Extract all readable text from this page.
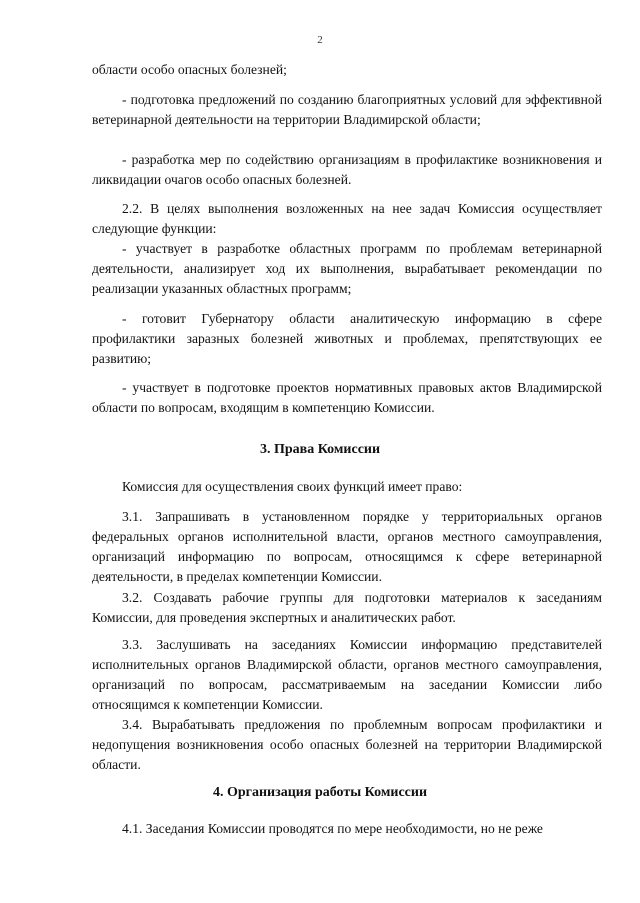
2

области особо опасных болезней;

- подготовка предложений по созданию благоприятных условий для эффективной ветеринарной деятельности на территории Владимирской области;

- разработка мер по содействию организациям в профилактике возникновения и ликвидации очагов особо опасных болезней.

2.2. В целях выполнения возложенных на нее задач Комиссия осуществляет следующие функции:

- участвует в разработке областных программ по проблемам ветеринарной деятельности, анализирует ход их выполнения, вырабатывает рекомендации по реализации указанных областных программ;

- готовит Губернатору области аналитическую информацию в сфере профилактики заразных болезней животных и проблемах, препятствующих ее развитию;

- участвует в подготовке проектов нормативных правовых актов Владимирской области по вопросам, входящим в компетенцию Комиссии.

3. Права Комиссии

Комиссия для осуществления своих функций имеет право:

3.1. Запрашивать в установленном порядке у территориальных органов федеральных органов исполнительной власти, органов местного самоуправления, организаций информацию по вопросам, относящимся к сфере ветеринарной деятельности, в пределах компетенции Комиссии.

3.2. Создавать рабочие группы для подготовки материалов к заседаниям Комиссии, для проведения экспертных и аналитических работ.

3.3. Заслушивать на заседаниях Комиссии информацию представителей исполнительных органов Владимирской области, органов местного самоуправления, организаций по вопросам, рассматриваемым на заседании Комиссии либо относящимся к компетенции Комиссии.

3.4. Вырабатывать предложения по проблемным вопросам профилактики и недопущения возникновения особо опасных болезней на территории Владимирской области.

4. Организация работы Комиссии

4.1. Заседания Комиссии проводятся по мере необходимости, но не реже
